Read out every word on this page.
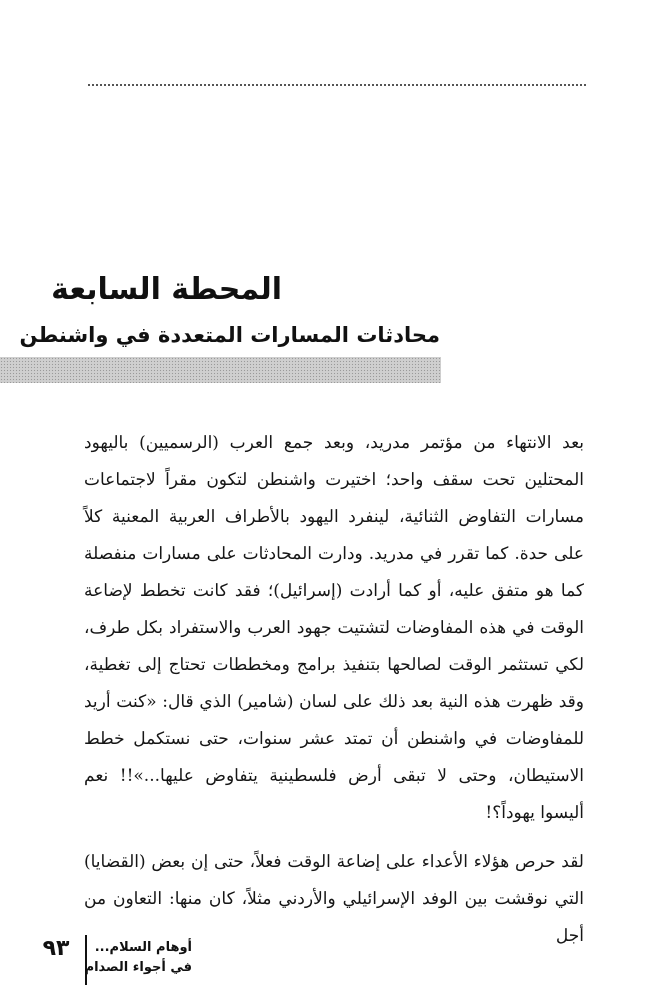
المحطة السابعة
محادثات المسارات المتعددة في واشنطن

بعد الانتهاء من مؤتمر مدريد، وبعد جمع العرب (الرسميين) باليهود المحتلين تحت سقف واحد؛ اختيرت واشنطن لتكون مقراً لاجتماعات مسارات التفاوض الثنائية، لينفرد اليهود بالأطراف العربية المعنية كلاً على حدة. كما تقرر في مدريد. ودارت المحادثات على مسارات منفصلة كما هو متفق عليه، أو كما أرادت (إسرائيل)؛ فقد كانت تخطط لإضاعة الوقت في هذه المفاوضات لتشتيت جهود العرب والاستفراد بكل طرف، لكي تستثمر الوقت لصالحها بتنفيذ برامج ومخططات تحتاج إلى تغطية، وقد ظهرت هذه النية بعد ذلك على لسان (شامير) الذي قال: «كنت أريد للمفاوضات في واشنطن أن تمتد عشر سنوات، حتى نستكمل خطط الاستيطان، وحتى لا تبقى أرض فلسطينية يتفاوض عليها...»!! نعم أليسوا يهوداً؟!

لقد حرص هؤلاء الأعداء على إضاعة الوقت فعلاً، حتى إن بعض (القضايا) التي نوقشت بين الوفد الإسرائيلي والأردني مثلاً، كان منها: التعاون من أجل

٩٣	أوهام السلام...
في أجواء الصدام
